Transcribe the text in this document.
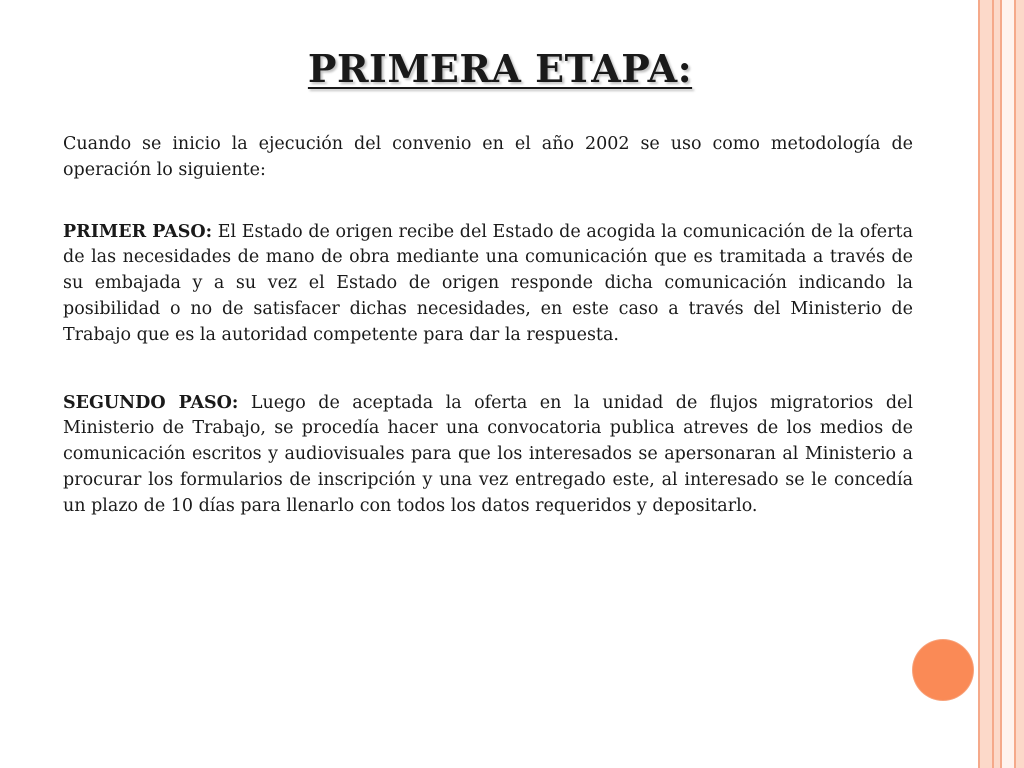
PRIMERA ETAPA:

Cuando se inicio la ejecución del convenio en el año 2002 se uso como metodología de operación lo siguiente:

PRIMER PASO: El Estado de origen recibe del Estado de acogida la comunicación de la oferta de las necesidades de mano de obra mediante una comunicación que es tramitada a través de su embajada y a su vez el Estado de origen responde dicha comunicación indicando la posibilidad o no de satisfacer dichas necesidades, en este caso a través del Ministerio de Trabajo que es la autoridad competente para dar la respuesta.

SEGUNDO PASO: Luego de aceptada la oferta en la unidad de flujos migratorios del Ministerio de Trabajo, se procedía hacer una convocatoria publica atreves de los medios de comunicación escritos y audiovisuales para que los interesados se apersonaran al Ministerio a procurar los formularios de inscripción y una vez entregado este, al interesado se le concedía un plazo de 10 días para llenarlo con todos los datos requeridos y depositarlo.
